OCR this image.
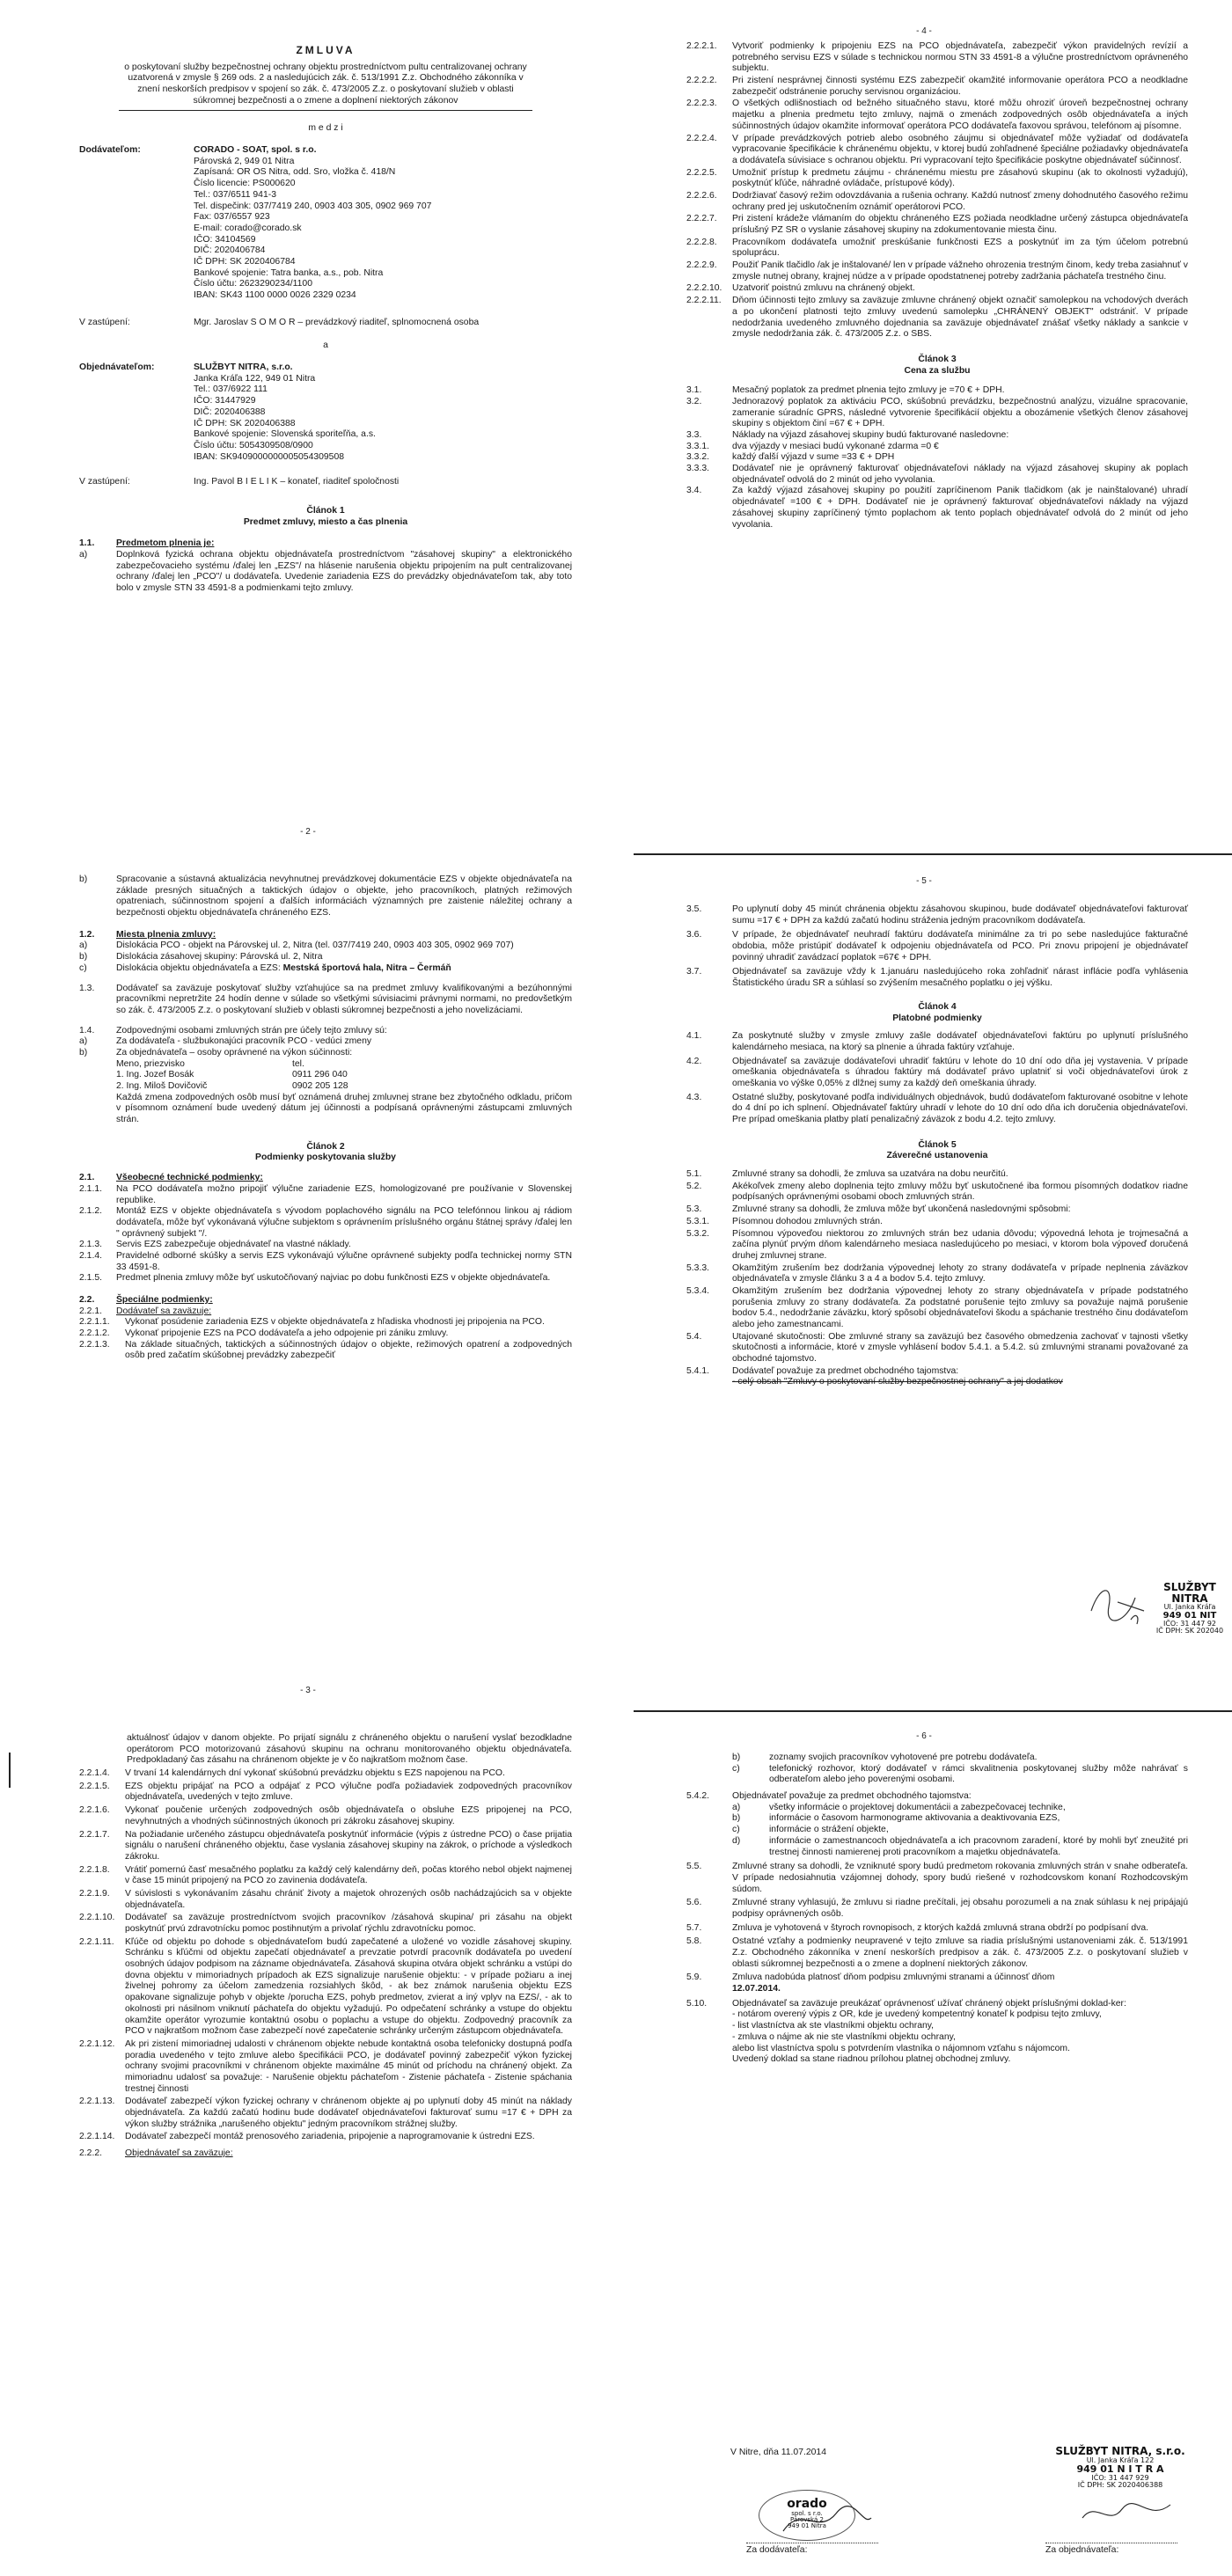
ZMLUVA
o poskytovaní služby bezpečnostnej ochrany objektu prostredníctvom pultu centralizovanej ochrany uzatvorená v zmysle § 269 ods. 2 a nasledujúcich zák. č. 513/1991 Z.z. Obchodného zákonníka v znení neskorších predpisov v spojení so zák. č. 473/2005 Z.z. o poskytovaní služieb v oblasti súkromnej bezpečnosti a o zmene a doplnení niektorých zákonov
m e d z i
Dodávateľom:	CORADO - SOAT, spol. s r.o.
Párovská 2, 949 01 Nitra
Zapísaná: OR OS Nitra, odd. Sro, vložka č. 418/N
Číslo licencie: PS000620
Tel.: 037/6511 941-3
Tel. dispečink: 037/7419 240, 0903 403 305, 0902 969 707
Fax: 037/6557 923
E-mail: corado@corado.sk
IČO: 34104569
DIČ: 2020406784
IČ DPH: SK 2020406784
Bankové spojenie: Tatra banka, a.s., pob. Nitra
Číslo účtu: 2623290234/1100
IBAN: SK43 1100 0000 0026 2329 0234
V zastúpení:	Mgr. Jaroslav S O M O R – prevádzkový riaditeľ, splnomocnená osoba
a
Objednávateľom:	SLUŽBYT NITRA, s.r.o.
Janka Kráľa 122, 949 01 Nitra
Tel.: 037/6922 111
IČO: 31447929
DIČ: 2020406388
IČ DPH: SK 2020406388
Bankové spojenie: Slovenská sporiteľňa, a.s.
Číslo účtu: 5054309508/0900
IBAN: SK9409000000005054309508
V zastúpení:	Ing. Pavol B I E L I K – konateľ, riaditeľ spoločnosti
Článok 1
Predmet zmluvy, miesto a čas plnenia
1.1.	Predmetom plnenia je:
a)	Doplnková fyzická ochrana objektu objednávateľa prostredníctvom "zásahovej skupiny" a elektronického zabezpečovacieho systému /ďalej len „EZS"/ na hlásenie narušenia objektu pripojením na pult centralizovanej ochrany /ďalej len „PCO"/ u dodávateľa. Uvedenie zariadenia EZS do prevádzky objednávateľom tak, aby toto bolo v zmysle STN 33 4591-8 a podmienkami tejto zmluvy.
- 2 -
b)	Spracovanie a sústavná aktualizácia nevyhnutnej prevádzkovej dokumentácie EZS v objekte objednávateľa na základe presných situačných a taktických údajov o objekte, jeho pracovníkoch, platných režimových opatreniach, súčinnostnom spojení a ďalších informáciách významných pre zaistenie náležitej ochrany a bezpečnosti objektu objednávateľa chráneného EZS.
1.2.	Miesta plnenia zmluvy:
a)	Dislokácia PCO - objekt na Párovskej ul. 2, Nitra (tel. 037/7419 240, 0903 403 305, 0902 969 707)
b)	Dislokácia zásahovej skupiny: Párovská ul. 2, Nitra
c)	Dislokácia objektu objednávateľa a EZS: Mestská športová hala, Nitra – Čermáň
1.3.	Dodávateľ sa zaväzuje poskytovať služby vzťahujúce sa na predmet zmluvy kvalifikovanými a bezúhonnými pracovníkmi nepretržite 24 hodín denne v súlade so všetkými súvisiacimi právnymi normami, no predovšetkým so zák. č. 473/2005 Z.z. o poskytovaní služieb v oblasti súkromnej bezpečnosti a jeho novelizáciami.
1.4.	Zodpovednými osobami zmluvných strán pre účely tejto zmluvy sú:
a)	Za dodávateľa - službukonajúci pracovník PCO - vedúci zmeny
b)	Za objednávateľa – osoby oprávnené na výkon súčinnosti:
Meno, priezvisko	tel.
1. Ing. Jozef Bosák	0911 296 040
2. Ing. Miloš Dovičovič	0902 205 128
Každá zmena zodpovedných osôb musí byť oznámená druhej zmluvnej strane bez zbytočného odkladu, pričom v písomnom oznámení bude uvedený dátum jej účinnosti a podpísaná oprávnenými zástupcami zmluvných strán.
Článok 2
Podmienky poskytovania služby
2.1.	Všeobecné technické podmienky:
2.1.1.	Na PCO dodávateľa možno pripojiť výlučne zariadenie EZS, homologizované pre používanie v Slovenskej republike.
2.1.2.	Montáž EZS v objekte objednávateľa s vývodom poplachového signálu na PCO telefónnou linkou aj rádiom dodávateľa, môže byť vykonávaná výlučne subjektom s oprávnením príslušného orgánu štátnej správy /ďalej len " oprávnený subjekt "/.
2.1.3.	Servis EZS zabezpečuje objednávateľ na vlastné náklady.
2.1.4.	Pravidelné odborné skúšky a servis EZS vykonávajú výlučne oprávnené subjekty podľa technickej normy STN 33 4591-8.
2.1.5.	Predmet plnenia zmluvy môže byť uskutočňovaný najviac po dobu funkčnosti EZS v objekte objednávateľa.
2.2.	Špeciálne podmienky:
2.2.1.	Dodávateľ sa zaväzuje:
2.2.1.1.	Vykonať posúdenie zariadenia EZS v objekte objednávateľa z hľadiska vhodnosti jej pripojenia na PCO.
2.2.1.2.	Vykonať pripojenie EZS na PCO dodávateľa a jeho odpojenie pri zániku zmluvy.
2.2.1.3.	Na základe situačných, taktických a súčinnostných údajov o objekte, režimových opatrení a zodpovedných osôb pred začatím skúšobnej prevádzky zabezpečiť
- 3 -
aktuálnosť údajov v danom objekte. Po prijatí signálu z chráneného objektu o narušení vyslať bezodkladne operátorom PCO motorizovanú zásahovú skupinu na ochranu monitorovaného objektu objednávateľa. Predpokladaný čas zásahu na chránenom objekte je v čo najkratšom možnom čase.
2.2.1.4.	V trvaní 14 kalendárnych dní vykonať skúšobnú prevádzku objektu s EZS napojenou na PCO.
2.2.1.5.	EZS objektu pripájať na PCO a odpájať z PCO výlučne podľa požiadaviek zodpovedných pracovníkov objednávateľa, uvedených v tejto zmluve.
2.2.1.6.	Vykonať poučenie určených zodpovedných osôb objednávateľa o obsluhe EZS pripojenej na PCO, nevyhnutných a vhodných súčinnostných úkonoch pri zákroku zásahovej skupiny.
2.2.1.7.	Na požiadanie určeného zástupcu objednávateľa poskytnúť informácie (výpis z ústredne PCO) o čase prijatia signálu o narušení chráneného objektu, čase vyslania zásahovej skupiny na zákrok, o príchode a výsledkoch zákroku.
2.2.1.8.	Vrátiť pomernú časť mesačného poplatku za každý celý kalendárny deň, počas ktorého nebol objekt najmenej v čase 15 minút pripojený na PCO zo zavinenia dodávateľa.
2.2.1.9.	V súvislosti s vykonávaním zásahu chrániť životy a majetok ohrozených osôb nachádzajúcich sa v objekte objednávateľa.
2.2.1.10.	Dodávateľ sa zaväzuje prostredníctvom svojich pracovníkov /zásahová skupina/ pri zásahu na objekt poskytnúť prvú zdravotnícku pomoc postihnutým a privolať rýchlu zdravotnícku pomoc.
2.2.1.11.	Kľúče od objektu po dohode s objednávateľom budú zapečatené a uložené vo vozidle zásahovej skupiny. Schránku s kľúčmi od objektu zapečatí objednávateľ a prevzatie potvrdí pracovník dodávateľa po uvedení osobných údajov podpisom na zázname objednávateľa. Zásahová skupina otvára objekt schránku a vstúpi do dovna objektu v mimoriadnych prípadoch ak EZS signalizuje narušenie objektu: - v prípade požiaru a inej živelnej pohromy za účelom zamedzenia rozsiahlych škôd, - ak bez známok narušenia objektu EZS opakovane signalizuje pohyb v objekte /porucha EZS, pohyb predmetov, zvierat a iný vplyv na EZS/, - ak to okolnosti pri násilnom vniknutí páchateľa do objektu vyžadujú. Po odpečatení schránky a vstupe do objektu okamžite operátor vyrozumie kontaktnú osobu o poplachu a vstupe do objektu. Zodpovedný pracovník za PCO v najkratšom možnom čase zabezpečí nové zapečatenie schránky určeným zástupcom objednávateľa.
2.2.1.12.	Ak pri zistení mimoriadnej udalosti v chránenom objekte nebude kontaktná osoba telefonicky dostupná podľa poradia uvedeného v tejto zmluve alebo špecifikácii PCO, je dodávateľ povinný zabezpečiť výkon fyzickej ochrany svojimi pracovníkmi v chránenom objekte maximálne 45 minút od príchodu na chránený objekt. Za mimoriadnu udalosť sa považuje: - Narušenie objektu páchateľom - Zistenie páchateľa - Zistenie spáchania trestnej činnosti
2.2.1.13.	Dodávateľ zabezpečí výkon fyzickej ochrany v chránenom objekte aj po uplynutí doby 45 minút na náklady objednávateľa. Za každú začatú hodinu bude dodávateľ objednávateľovi fakturovať sumu =17 € + DPH za výkon služby strážnika „narušeného objektu" jedným pracovníkom strážnej služby.
2.2.1.14.	Dodávateľ zabezpečí montáž prenosového zariadenia, pripojenie a naprogramovanie k ústredni EZS.
2.2.2.	Objednávateľ sa zaväzuje:
- 4 -
2.2.2.1.	Vytvoriť podmienky k pripojeniu EZS na PCO objednávateľa, zabezpečiť výkon pravidelných revízií a potrebného servisu EZS v súlade s technickou normou STN 33 4591-8 a výlučne prostredníctvom oprávneného subjektu.
2.2.2.2.	Pri zistení nesprávnej činnosti systému EZS zabezpečiť okamžité informovanie operátora PCO a neodkladne zabezpečiť odstránenie poruchy servisnou organizáciou.
2.2.2.3.	O všetkých odlišnostiach od bežného situačného stavu, ktoré môžu ohroziť úroveň bezpečnostnej ochrany majetku a plnenia predmetu tejto zmluvy, najmä o zmenách zodpovedných osôb objednávateľa a iných súčinnostných údajov okamžite informovať operátora PCO dodávateľa faxovou správou, telefónom aj písomne.
2.2.2.4.	V prípade prevádzkových potrieb alebo osobného záujmu si objednávateľ môže vyžiadať od dodávateľa vypracovanie špecifikácie k chránenému objektu, v ktorej budú zohľadnené špeciálne požiadavky objednávateľa a dodávateľa súvisiace s ochranou objektu. Pri vypracovaní tejto špecifikácie poskytne objednávateľ súčinnosť.
2.2.2.5.	Umožniť prístup k predmetu záujmu - chránenému miestu pre zásahovú skupinu (ak to okolnosti vyžadujú), poskytnúť kľúče, náhradné ovládače, prístupové kódy).
2.2.2.6.	Dodržiavať časový režim odovzdávania a rušenia ochrany. Každú nutnosť zmeny dohodnutého časového režimu ochrany pred jej uskutočnením oznámiť operátorovi PCO.
2.2.2.7.	Pri zistení krádeže vlámaním do objektu chráneného EZS požiada neodkladne určený zástupca objednávateľa príslušný PZ SR o vyslanie zásahovej skupiny na zdokumentovanie miesta činu.
2.2.2.8.	Pracovníkom dodávateľa umožniť preskúšanie funkčnosti EZS a poskytnúť im za tým účelom potrebnú spoluprácu.
2.2.2.9.	Použiť Panik tlačidlo /ak je inštalované/ len v prípade vážneho ohrozenia trestným činom, kedy treba zasiahnuť v zmysle nutnej obrany, krajnej núdze a v prípade opodstatnenej potreby zadržania páchateľa trestného činu.
2.2.2.10.	Uzatvoriť poistnú zmluvu na chránený objekt.
2.2.2.11.	Dňom účinnosti tejto zmluvy sa zaväzuje zmluvne chránený objekt označiť samolepkou na vchodových dverách a po ukončení platnosti tejto zmluvy uvedenú samolepku „CHRÁNENÝ OBJEKT" odstrániť. V prípade nedodržania uvedeného zmluvného dojednania sa zaväzuje objednávateľ znášať všetky náklady a sankcie v zmysle nedodržania zák. č. 473/2005 Z.z. o SBS.
Článok 3
Cena za službu
3.1.	Mesačný poplatok za predmet plnenia tejto zmluvy je =70 € + DPH.
3.2.	Jednorazový poplatok za aktiváciu PCO, skúšobnú prevádzku, bezpečnostnú analýzu, vizuálne spracovanie, zameranie súradníc GPRS, následné vytvorenie špecifikácií objektu a obozámenie všetkých členov zásahovej skupiny s objektom činí =67 € + DPH.
3.3.	Náklady na výjazd zásahovej skupiny budú fakturované nasledovne:
3.3.1.	dva výjazdy v mesiaci budú vykonané zdarma =0 €
3.3.2.	každý ďalší výjazd v sume =33 € + DPH
3.3.3.	Dodávateľ nie je oprávnený fakturovať objednávateľovi náklady na výjazd zásahovej skupiny ak poplach objednávateľ odvolá do 2 minút od jeho vyvolania.
3.4.	Za každý výjazd zásahovej skupiny po použití zapríčinenom Panik tlačidkom (ak je nainštalované) uhradí objednávateľ =100 € + DPH. Dodávateľ nie je oprávnený fakturovať objednávateľovi náklady na výjazd zásahovej skupiny zapríčinený týmto poplachom ak tento poplach objednávateľ odvolá do 2 minút od jeho vyvolania.
- 5 -
3.5.	Po uplynutí doby 45 minút chránenia objektu zásahovou skupinou, bude dodávateľ objednávateľovi fakturovať sumu =17 € + DPH za každú začatú hodinu stráženia jedným pracovníkom dodávateľa.
3.6.	V prípade, že objednávateľ neuhradí faktúru dodávateľa minimálne za tri po sebe nasledujúce fakturačné obdobia, môže pristúpiť dodávateľ k odpojeniu objednávateľa od PCO. Pri znovu pripojení je objednávateľ povinný uhradiť zavádzací poplatok =67€ + DPH.
3.7.	Objednávateľ sa zaväzuje vždy k 1.januáru nasledujúceho roka zohľadniť nárast inflácie podľa vyhlásenia Štatistického úradu SR a súhlasí so zvýšením mesačného poplatku o jej výšku.
Článok 4
Platobné podmienky
4.1.	Za poskytnuté služby v zmysle zmluvy zašle dodávateľ objednávateľovi faktúru po uplynutí príslušného kalendárneho mesiaca, na ktorý sa plnenie a úhrada faktúry vzťahuje.
4.2.	Objednávateľ sa zaväzuje dodávateľovi uhradiť faktúru v lehote do 10 dní odo dňa jej vystavenia. V prípade omeškania objednávateľa s úhradou faktúry má dodávateľ právo uplatniť si voči objednávateľovi úrok z omeškania vo výške 0,05% z dlžnej sumy za každý deň omeškania úhrady.
4.3.	Ostatné služby, poskytované podľa individuálnych objednávok, budú dodávateľom fakturované osobitne v lehote do 4 dní po ich splnení. Objednávateľ faktúry uhradí v lehote do 10 dní odo dňa ich doručenia objednávateľovi. Pre prípad omeškania platby platí penalizačný záväzok z bodu 4.2. tejto zmluvy.
Článok 5
Záverečné ustanovenia
5.1.	Zmluvné strany sa dohodli, že zmluva sa uzatvára na dobu neurčitú.
5.2.	Akékoľvek zmeny alebo doplnenia tejto zmluvy môžu byť uskutočnené iba formou písomných dodatkov riadne podpísaných oprávnenými osobami oboch zmluvných strán.
5.3.	Zmluvné strany sa dohodli, že zmluva môže byť ukončená nasledovnými spôsobmi:
5.3.1.	Písomnou dohodou zmluvných strán.
5.3.2.	Písomnou výpoveďou niektorou zo zmluvných strán bez udania dôvodu; výpovedná lehota je trojmesačná a začína plynúť prvým dňom kalendárneho mesiaca nasledujúceho po mesiaci, v ktorom bola výpoveď doručená druhej zmluvnej strane.
5.3.3.	Okamžitým zrušením bez dodržania výpovednej lehoty zo strany dodávateľa v prípade neplnenia záväzkov objednávateľa v zmysle článku 3 a 4 a bodov 5.4. tejto zmluvy.
5.3.4.	Okamžitým zrušením bez dodržania výpovednej lehoty zo strany objednávateľa v prípade podstatného porušenia zmluvy zo strany dodávateľa. Za podstatné porušenie tejto zmluvy sa považuje najmä porušenie bodov 5.4., nedodržanie záväzku, ktorý spôsobí objednávateľovi škodu a spáchanie trestného činu dodávateľom alebo jeho zamestnancami.
5.4.	Utajované skutočnosti: Obe zmluvné strany sa zaväzujú bez časového obmedzenia zachovať v tajnosti všetky skutočnosti a informácie, ktoré v zmysle vyhlásení bodov 5.4.1. a 5.4.2. sú zmluvnými stranami považované za obchodné tajomstvo.
5.4.1.	Dodávateľ považuje za predmet obchodného tajomstva:
- celý obsah "Zmluvy o poskytovaní služby bezpečnostnej ochrany" a jej dodatkov
SLUŽBYT NITRA
Ul. Janka Kráľa
949 01 NIT
IČO: 31 447 92
IČ DPH: SK 202040
- 6 -
b)	zoznamy svojich pracovníkov vyhotovené pre potrebu dodávateľa.
c)	telefonický rozhovor, ktorý dodávateľ v rámci skvalitnenia poskytovanej služby môže nahrávať s odberateľom alebo jeho poverenými osobami.
5.4.2.	Objednávateľ považuje za predmet obchodného tajomstva:
a)	všetky informácie o projektovej dokumentácii a zabezpečovacej technike,
b)	informácie o časovom harmonograme aktivovania a deaktivovania EZS,
c)	informácie o strážení objekte,
d)	informácie o zamestnancoch objednávateľa a ich pracovnom zaradení, ktoré by mohli byť zneužité pri trestnej činnosti namierenej proti pracovníkom a majetku objednávateľa.
5.5.	Zmluvné strany sa dohodli, že vzniknuté spory budú predmetom rokovania zmluvných strán v snahe odberateľa. V prípade nedosiahnutia vzájomnej dohody, spory budú riešené v rozhodcovskom konaní Rozhodcovským súdom.
5.6.	Zmluvné strany vyhlasujú, že zmluvu si riadne prečítali, jej obsahu porozumeli a na znak súhlasu k nej pripájajú podpisy oprávnených osôb.
5.7.	Zmluva je vyhotovená v štyroch rovnopisoch, z ktorých každá zmluvná strana obdrží po podpísaní dva.
5.8.	Ostatné vzťahy a podmienky neupravené v tejto zmluve sa riadia príslušnými ustanoveniami zák. č. 513/1991 Z.z. Obchodného zákonníka v znení neskorších predpisov a zák. č. 473/2005 Z.z. o poskytovaní služieb v oblasti súkromnej bezpečnosti a o zmene a doplnení niektorých zákonov.
5.9.	Zmluva nadobúda platnosť dňom podpisu zmluvnými stranami a účinnosť dňom
12.07.2014.
5.10.	Objednávateľ sa zaväzuje preukázať oprávnenosť užívať chránený objekt príslušnými doklad-ker:
- notárom overený výpis z OR, kde je uvedený kompetentný konateľ k podpisu tejto zmluvy,
- list vlastníctva ak ste vlastníkmi objektu ochrany,
- zmluva o nájme ak nie ste vlastníkmi objektu ochrany,
alebo list vlastníctva spolu s potvrdením vlastníka o nájomnom vzťahu s nájomcom.
Uvedený doklad sa stane riadnou prílohou platnej obchodnej zmluvy.
V Nitre, dňa 11.07.2014	SLUŽBYT NITRA, s.r.o.
Ul. Janka Kráľa 122
949 01 N I T R A
IČO: 31 447 929
IČ DPH: SK 2020406388
orado
spol. s r.o.
Párovská 2
949 01 Nitra
Za dodávateľa:	Za objednávateľa:
